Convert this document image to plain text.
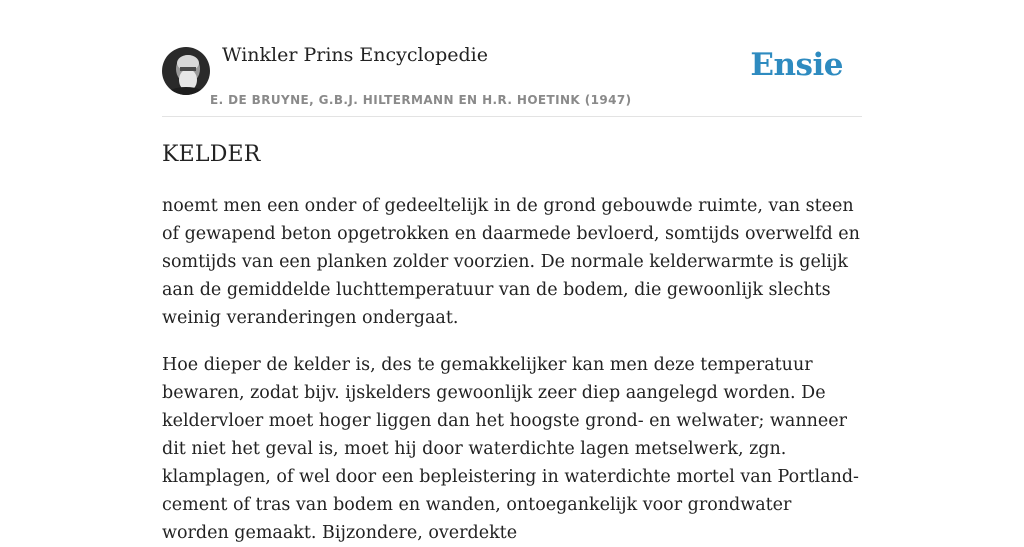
Winkler Prins Encyclopedie
E. DE BRUYNE, G.B.J. HILTERMANN EN H.R. HOETINK (1947)
Ensie
KELDER

noemt men een onder of gedeeltelijk in de grond gebouwde ruimte, van steen of gewapend beton opgetrokken en daarmede bevloerd, somtijds overwelfd en somtijds van een planken zolder voorzien. De normale kelderwarmte is gelijk aan de gemiddelde luchttemperatuur van de bodem, die gewoonlijk slechts weinig veranderingen ondergaat.

Hoe dieper de kelder is, des te gemakkelijker kan men deze temperatuur bewaren, zodat bijv. ijskelders gewoonlijk zeer diep aangelegd worden. De keldervloer moet hoger liggen dan het hoogste grond- en welwater; wanneer dit niet het geval is, moet hij door waterdichte lagen metselwerk, zgn. klamplagen, of wel door een bepleistering in waterdichte mortel van Portland-cement of tras van bodem en wanden, ontoegankelijk voor grondwater worden gemaakt. Bijzondere, overdekte
